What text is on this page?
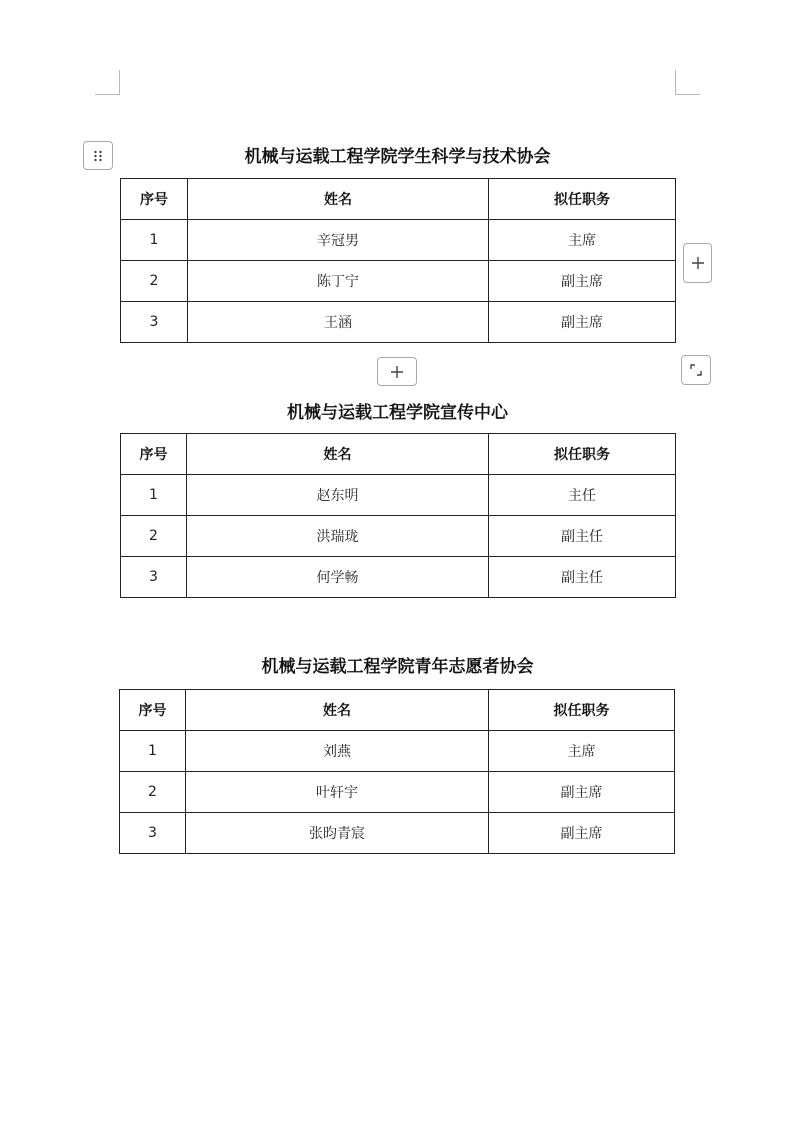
机械与运载工程学院学生科学与技术协会
序号	姓名	拟任职务
1	辛冠男	主席
2	陈丁宁	副主席
3	王涵	副主席
机械与运载工程学院宣传中心
序号	姓名	拟任职务
1	赵东明	主任
2	洪瑞珑	副主任
3	何学畅	副主任
机械与运载工程学院青年志愿者协会
序号	姓名	拟任职务
1	刘燕	主席
2	叶轩宇	副主席
3	张昀青宸	副主席
